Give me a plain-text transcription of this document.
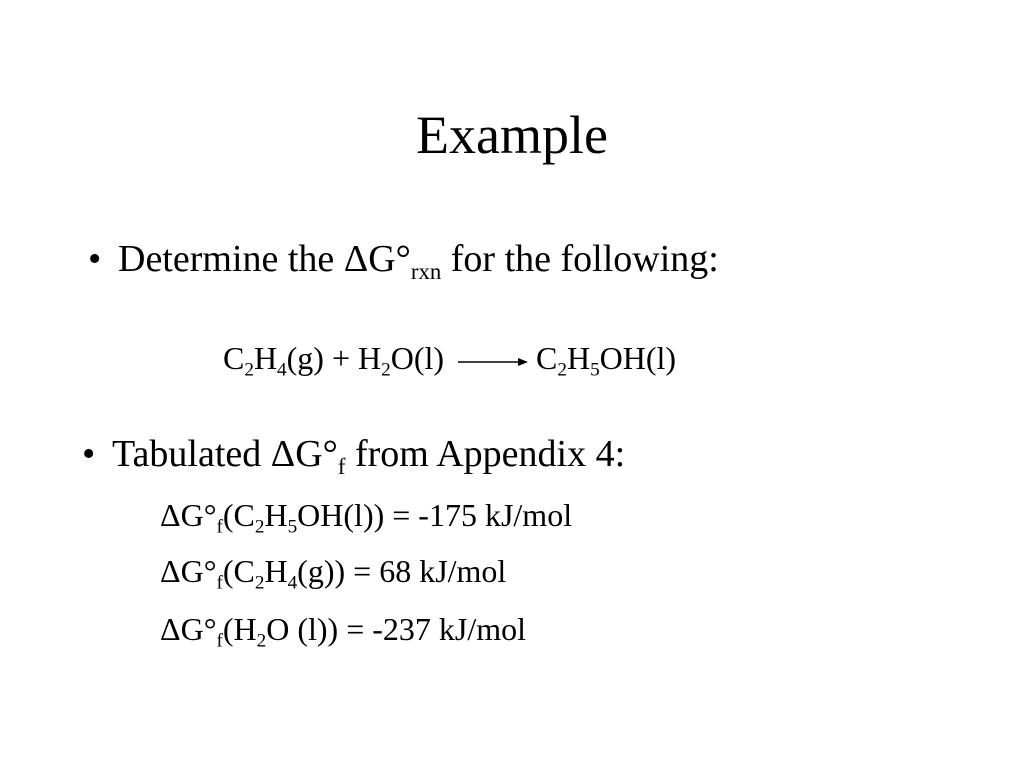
Example
• Determine the $\Delta G^\circ_{rxn}$ for the following:
$C_2H_4(g) + H_2O(l) \to C_2H_5OH(l)$
• Tabulated $\Delta G^\circ_f$ from Appendix 4:
$\Delta G^\circ_f(C_2H_5OH(l)) = -175$ kJ/mol
$\Delta G^\circ_f(C_2H_4(g)) = 68$ kJ/mol
$\Delta G^\circ_f(H_2O$ (l)) = -237 kJ/mol
